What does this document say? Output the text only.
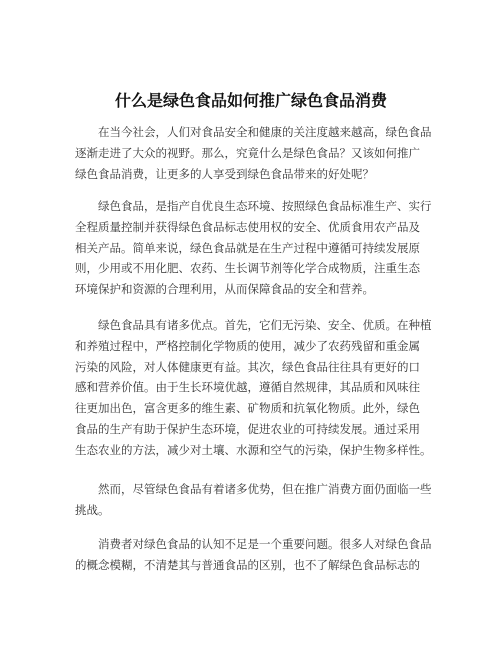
什么是绿色食品如何推广绿色食品消费

　　在当今社会，人们对食品安全和健康的关注度越来越高，绿色食品
逐渐走进了大众的视野。那么，究竟什么是绿色食品？又该如何推广
绿色食品消费，让更多的人享受到绿色食品带来的好处呢？

　　绿色食品，是指产自优良生态环境、按照绿色食品标准生产、实行
全程质量控制并获得绿色食品标志使用权的安全、优质食用农产品及
相关产品。简单来说，绿色食品就是在生产过程中遵循可持续发展原
则，少用或不用化肥、农药、生长调节剂等化学合成物质，注重生态
环境保护和资源的合理利用，从而保障食品的安全和营养。

　　绿色食品具有诸多优点。首先，它们无污染、安全、优质。在种植
和养殖过程中，严格控制化学物质的使用，减少了农药残留和重金属
污染的风险，对人体健康更有益。其次，绿色食品往往具有更好的口
感和营养价值。由于生长环境优越，遵循自然规律，其品质和风味往
往更加出色，富含更多的维生素、矿物质和抗氧化物质。此外，绿色
食品的生产有助于保护生态环境，促进农业的可持续发展。通过采用
生态农业的方法，减少对土壤、水源和空气的污染，保护生物多样性。

　　然而，尽管绿色食品有着诸多优势，但在推广消费方面仍面临一些
挑战。

　　消费者对绿色食品的认知不足是一个重要问题。很多人对绿色食品
的概念模糊，不清楚其与普通食品的区别，也不了解绿色食品标志的
